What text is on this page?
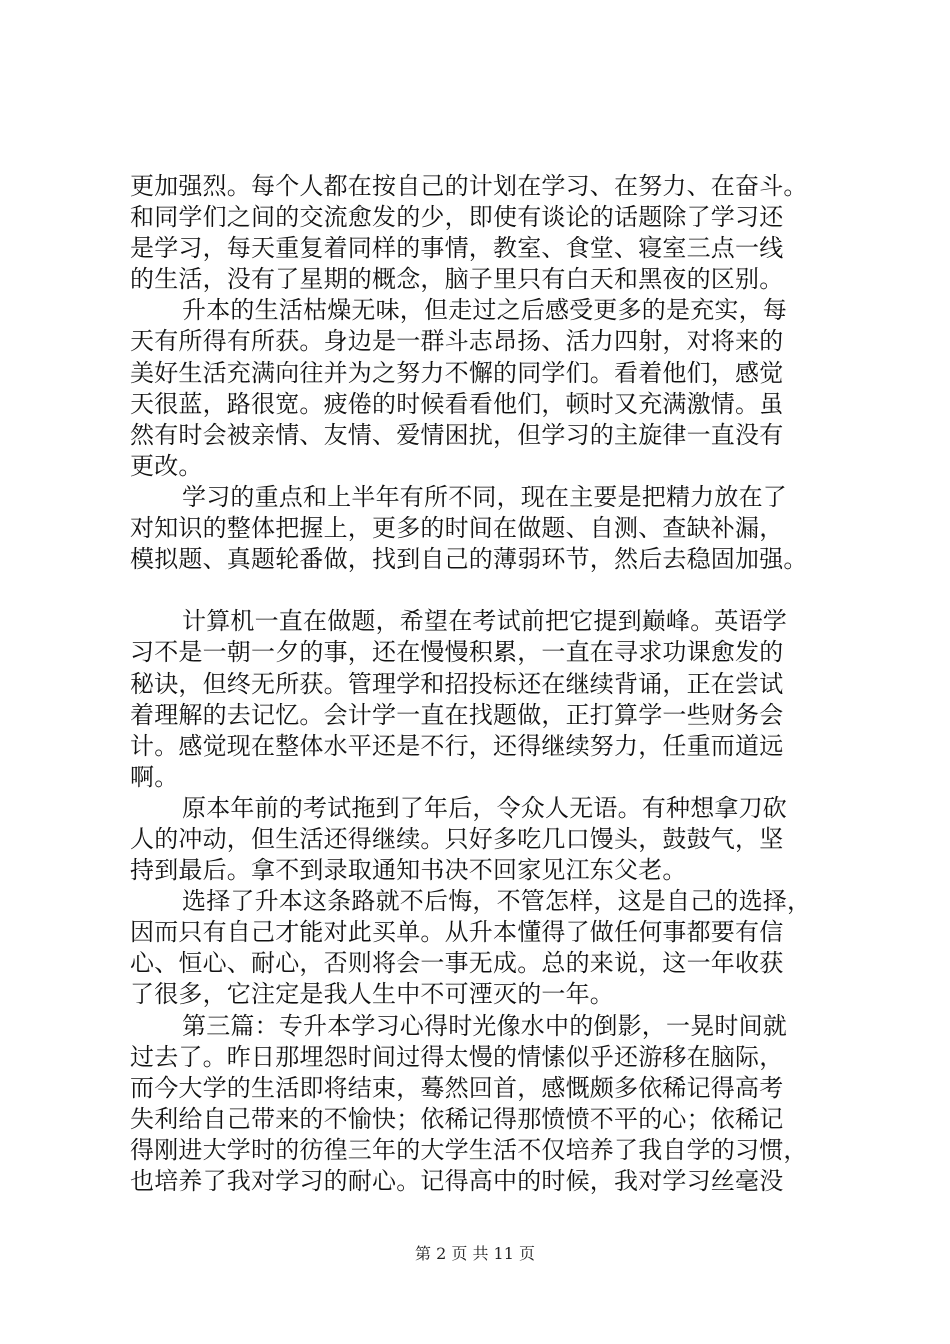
更加强烈。每个人都在按自己的计划在学习、在努力、在奋斗。
和同学们之间的交流愈发的少，即使有谈论的话题除了学习还
是学习，每天重复着同样的事情，教室、食堂、寝室三点一线
的生活，没有了星期的概念，脑子里只有白天和黑夜的区别。
升本的生活枯燥无味，但走过之后感受更多的是充实，每
天有所得有所获。身边是一群斗志昂扬、活力四射，对将来的
美好生活充满向往并为之努力不懈的同学们。看着他们，感觉
天很蓝，路很宽。疲倦的时候看看他们，顿时又充满激情。虽
然有时会被亲情、友情、爱情困扰，但学习的主旋律一直没有
更改。
学习的重点和上半年有所不同，现在主要是把精力放在了
对知识的整体把握上，更多的时间在做题、自测、查缺补漏，
模拟题、真题轮番做，找到自己的薄弱环节，然后去稳固加强。
计算机一直在做题，希望在考试前把它提到巅峰。英语学
习不是一朝一夕的事，还在慢慢积累，一直在寻求功课愈发的
秘诀，但终无所获。管理学和招投标还在继续背诵，正在尝试
着理解的去记忆。会计学一直在找题做，正打算学一些财务会
计。感觉现在整体水平还是不行，还得继续努力，任重而道远
啊。
原本年前的考试拖到了年后，令众人无语。有种想拿刀砍
人的冲动，但生活还得继续。只好多吃几口馒头，鼓鼓气，坚
持到最后。拿不到录取通知书决不回家见江东父老。
选择了升本这条路就不后悔，不管怎样，这是自己的选择，
因而只有自己才能对此买单。从升本懂得了做任何事都要有信
心、恒心、耐心，否则将会一事无成。总的来说，这一年收获
了很多，它注定是我人生中不可湮灭的一年。
第三篇：专升本学习心得时光像水中的倒影，一晃时间就
过去了。昨日那埋怨时间过得太慢的情愫似乎还游移在脑际，
而今大学的生活即将结束，蓦然回首，感慨颇多依稀记得高考
失利给自己带来的不愉快；依稀记得那愤愤不平的心；依稀记
得刚进大学时的彷徨三年的大学生活不仅培养了我自学的习惯，
也培养了我对学习的耐心。记得高中的时候，我对学习丝毫没
第 2 页 共 11 页
